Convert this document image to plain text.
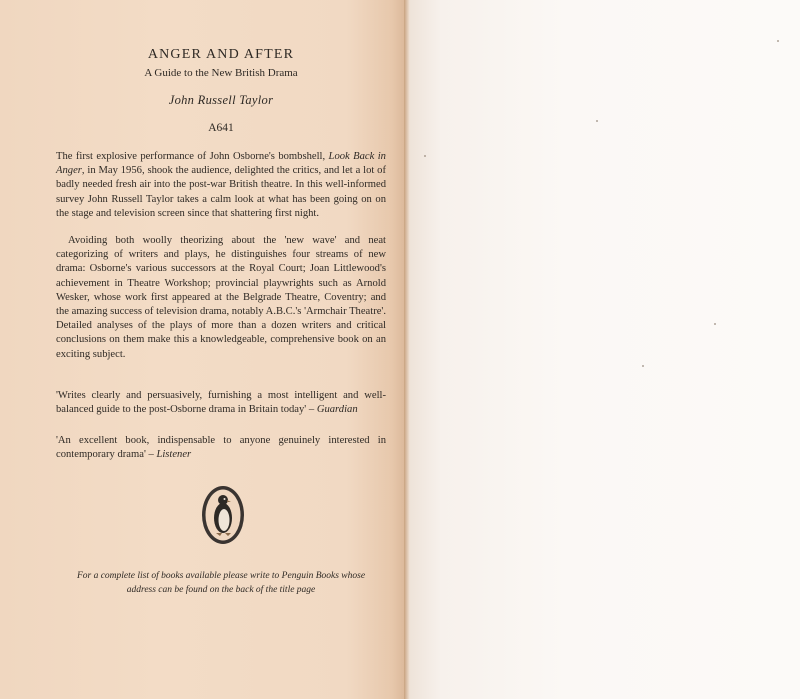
ANGER AND AFTER
A Guide to the New British Drama
John Russell Taylor
A641

The first explosive performance of John Osborne's bombshell, Look Back in Anger, in May 1956, shook the audience, delighted the critics, and let a lot of badly needed fresh air into the post-war British theatre. In this well-informed survey John Russell Taylor takes a calm look at what has been going on on the stage and television screen since that shattering first night.

Avoiding both woolly theorizing about the 'new wave' and neat categorizing of writers and plays, he distinguishes four streams of new drama: Osborne's various successors at the Royal Court; Joan Littlewood's achievement in Theatre Workshop; provincial playwrights such as Arnold Wesker, whose work first appeared at the Belgrade Theatre, Coventry; and the amazing success of television drama, notably A.B.C.'s 'Armchair Theatre'. Detailed analyses of the plays of more than a dozen writers and critical conclusions on them make this a knowledgeable, comprehensive book on an exciting subject.

'Writes clearly and persuasively, furnishing a most intelligent and well-balanced guide to the post-Osborne drama in Britain today' – Guardian

'An excellent book, indispensable to anyone genuinely interested in contemporary drama' – Listener

For a complete list of books available please write to Penguin Books whose
address can be found on the back of the title page
